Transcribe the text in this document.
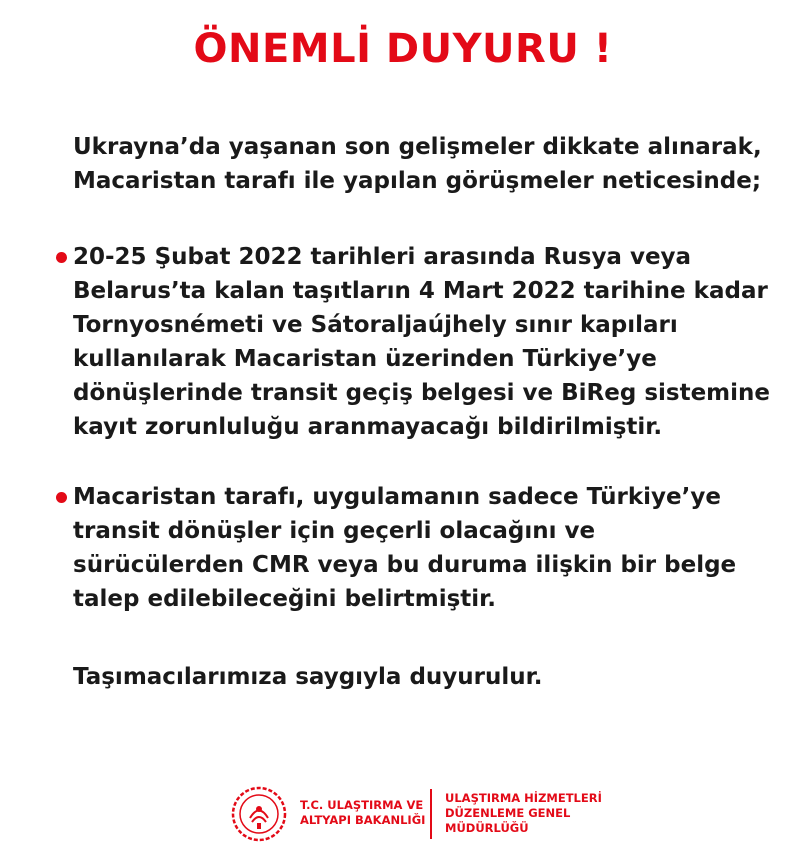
ÖNEMLİ DUYURU !
Ukrayna’da yaşanan son gelişmeler dikkate alınarak,
Macaristan tarafı ile yapılan görüşmeler neticesinde;
20-25 Şubat 2022 tarihleri arasında Rusya veya
Belarus’ta kalan taşıtların 4 Mart 2022 tarihine kadar
Tornyosnémeti ve Sátoraljaújhely sınır kapıları
kullanılarak Macaristan üzerinden Türkiye’ye
dönüşlerinde transit geçiş belgesi ve BiReg sistemine
kayıt zorunluluğu aranmayacağı bildirilmiştir.
Macaristan tarafı, uygulamanın sadece Türkiye’ye
transit dönüşler için geçerli olacağını ve
sürücülerden CMR veya bu duruma ilişkin bir belge
talep edilebileceğini belirtmiştir.
Taşımacılarımıza saygıyla duyurulur.
T.C. ULAŞTIRMA VE
ALTYAPI BAKANLIĞI
ULAŞTIRMA HİZMETLERİ
DÜZENLEME GENEL
MÜDÜRLÜĞÜ
